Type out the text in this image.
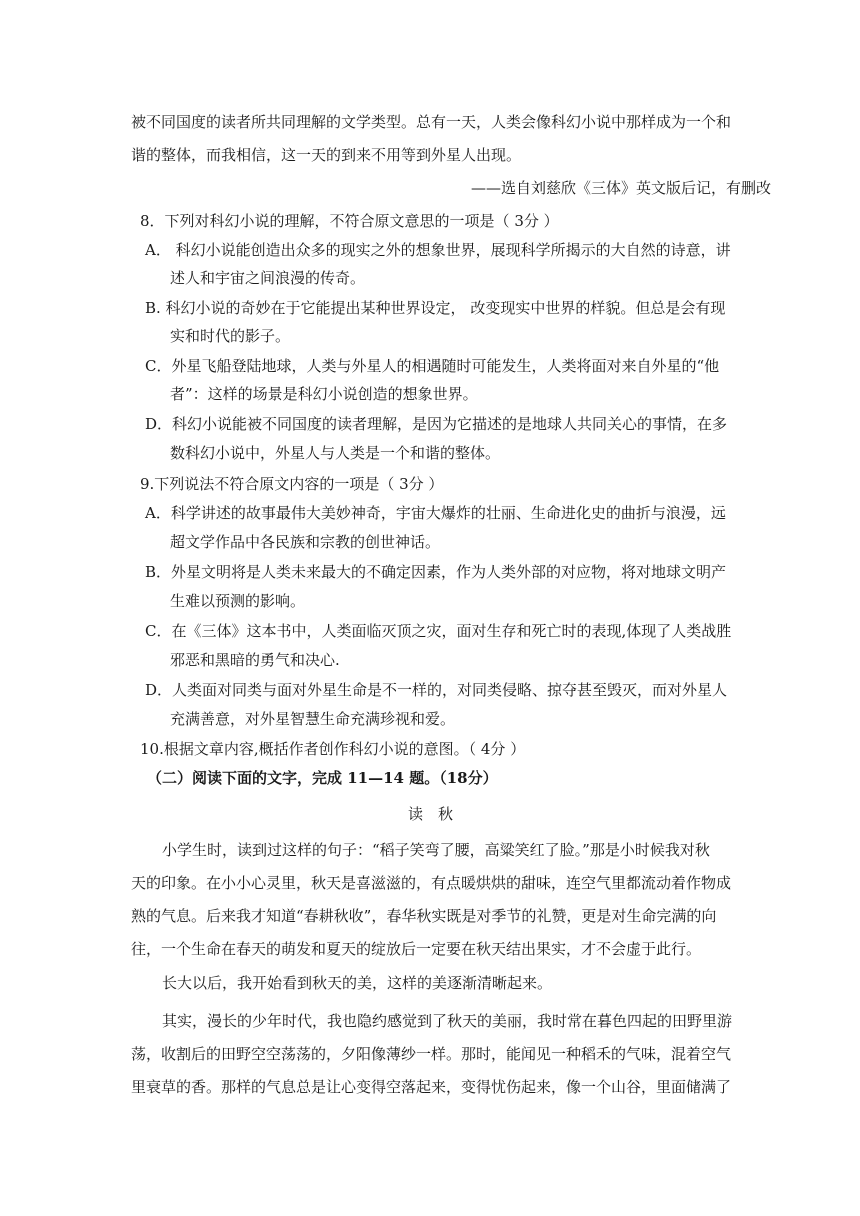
被不同国度的读者所共同理解的文学类型。总有一天，人类会像科幻小说中那样成为一个和
谐的整体，而我相信，这一天的到来不用等到外星人出现。
——选自刘慈欣《三体》英文版后记，有删改
8．下列对科幻小说的理解，不符合原文意思的一项是（ 3分 ）
A． 科幻小说能创造出众多的现实之外的想象世界，展现科学所揭示的大自然的诗意，讲
述人和宇宙之间浪漫的传奇。
B. 科幻小说的奇妙在于它能提出某种世界设定， 改变现实中世界的样貌。但总是会有现
实和时代的影子。
C．外星飞船登陆地球，人类与外星人的相遇随时可能发生，人类将面对来自外星的“他
者”：这样的场景是科幻小说创造的想象世界。
D．科幻小说能被不同国度的读者理解，是因为它描述的是地球人共同关心的事情，在多
数科幻小说中，外星人与人类是一个和谐的整体。
9.下列说法不符合原文内容的一项是（ 3分 ）
A．科学讲述的故事最伟大美妙神奇，宇宙大爆炸的壮丽、生命进化史的曲折与浪漫，远
超文学作品中各民族和宗教的创世神话。
B．外星文明将是人类未来最大的不确定因素，作为人类外部的对应物，将对地球文明产
生难以预测的影响。
C．在《三体》这本书中，人类面临灭顶之灾，面对生存和死亡时的表现,体现了人类战胜
邪恶和黑暗的勇气和决心.
D．人类面对同类与面对外星生命是不一样的，对同类侵略、掠夺甚至毁灭，而对外星人
充满善意，对外星智慧生命充满珍视和爱。
10.根据文章内容,概括作者创作科幻小说的意图。（ 4分 ）
（二）阅读下面的文字，完成 11—14 题。（18分）
读　秋
小学生时，读到过这样的句子：“稻子笑弯了腰，高粱笑红了脸。”那是小时候我对秋
天的印象。在小小心灵里，秋天是喜滋滋的，有点暖烘烘的甜味，连空气里都流动着作物成
熟的气息。后来我才知道“春耕秋收”，春华秋实既是对季节的礼赞，更是对生命完满的向
往，一个生命在春天的萌发和夏天的绽放后一定要在秋天结出果实，才不会虚于此行。
长大以后，我开始看到秋天的美，这样的美逐渐清晰起来。
其实，漫长的少年时代，我也隐约感觉到了秋天的美丽，我时常在暮色四起的田野里游
荡，收割后的田野空空荡荡的，夕阳像薄纱一样。那时，能闻见一种稻禾的气味，混着空气
里衰草的香。那样的气息总是让心变得空落起来，变得忧伤起来，像一个山谷，里面储满了
